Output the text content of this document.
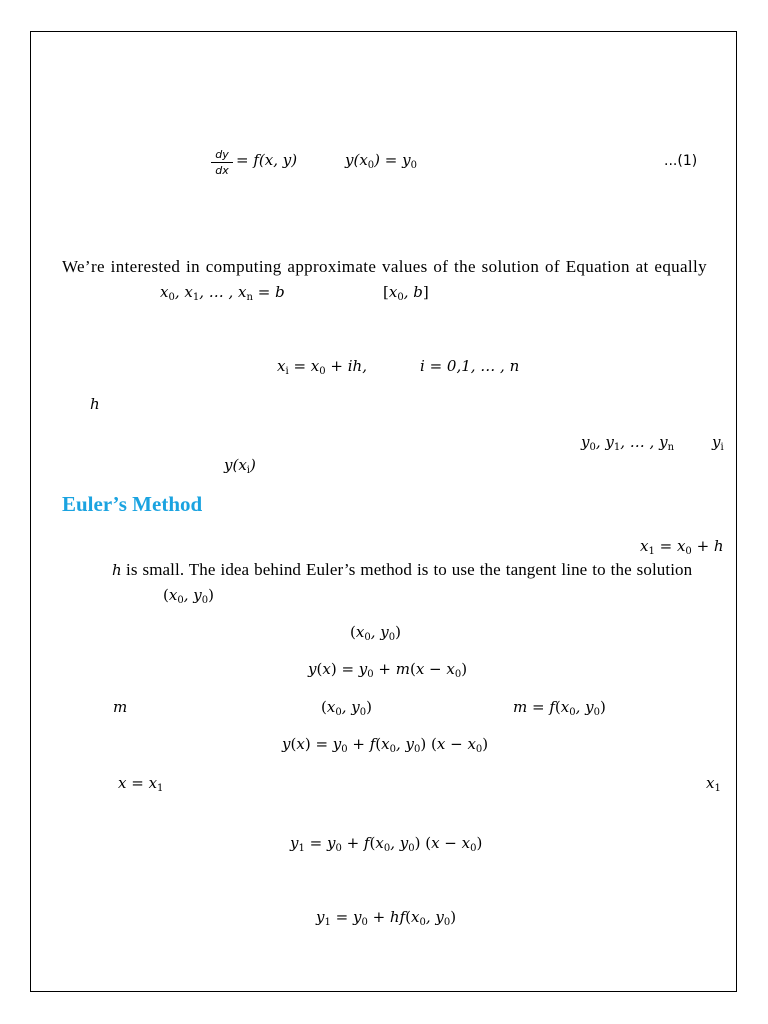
$\frac{dy}{dx} = f(x$, y)	$y(x_0) = y_0$	...(1)
We’re interested in computing approximate values of the solution of Equation at equally
$x_0$, $x_1$, … , $x_n = b$	[$x_0$, b]
$x_i = x_0$ + ih,	i = 0,1, … , n
h
$y_0$, $y_1$, … , $y_n$	$y_i$
$y(x_i)$
Euler’s Method
$x_1 = x_0 + h$
h is small. The idea behind Euler’s method is to use the tangent line to the solution
($x_0$, $y_0$)
($x_0$, $y_0$)
$y(x) = y_0 + m(x - x_0)$
m	($x_0$, $y_0$)	$m = f(x_0$, $y_0$)
$y(x) = y_0 + f(x_0$, $y_0$) $(x - x_0)$
$x = x_1$	$x_1$
$y_1 = y_0 + f(x_0$, $y_0$) $(x - x_0)$
$y_1 = y_0 + hf(x_0$, $y_0$)
